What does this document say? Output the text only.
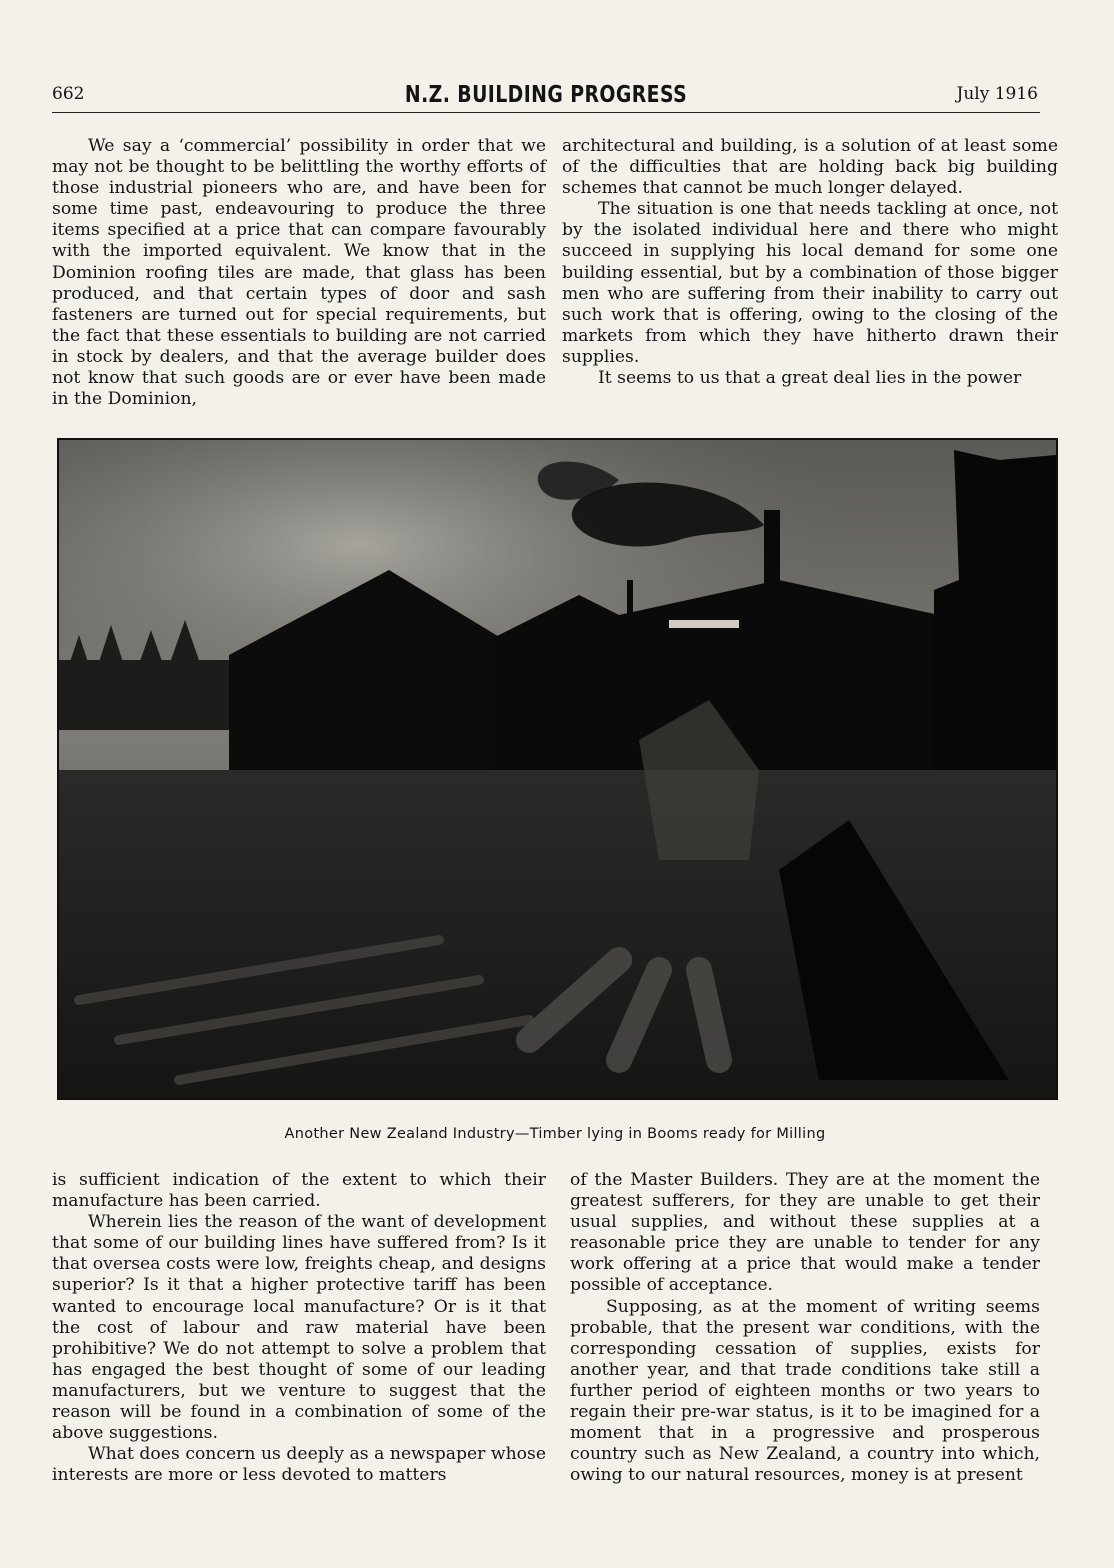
662	N.Z. BUILDING PROGRESS	July 1916

We say a ‘commercial’ possibility in order that we may not be thought to be belittling the worthy efforts of those industrial pioneers who are, and have been for some time past, endeavouring to produce the three items specified at a price that can compare favourably with the imported equivalent. We know that in the Dominion roofing tiles are made, that glass has been produced, and that certain types of door and sash fasteners are turned out for special requirements, but the fact that these essentials to building are not carried in stock by dealers, and that the average builder does not know that such goods are or ever have been made in the Dominion,

architectural and building, is a solution of at least some of the difficulties that are holding back big building schemes that cannot be much longer delayed.

The situation is one that needs tackling at once, not by the isolated individual here and there who might succeed in supplying his local demand for some one building essential, but by a combination of those bigger men who are suffering from their inability to carry out such work that is offering, owing to the closing of the markets from which they have hitherto drawn their supplies.

It seems to us that a great deal lies in the power

Another New Zealand Industry—Timber lying in Booms ready for Milling

is sufficient indication of the extent to which their manufacture has been carried.

Wherein lies the reason of the want of development that some of our building lines have suffered from? Is it that oversea costs were low, freights cheap, and designs superior? Is it that a higher protective tariff has been wanted to encourage local manufacture? Or is it that the cost of labour and raw material have been prohibitive? We do not attempt to solve a problem that has engaged the best thought of some of our leading manufacturers, but we venture to suggest that the reason will be found in a combination of some of the above suggestions.

What does concern us deeply as a newspaper whose interests are more or less devoted to matters

of the Master Builders. They are at the moment the greatest sufferers, for they are unable to get their usual supplies, and without these supplies at a reasonable price they are unable to tender for any work offering at a price that would make a tender possible of acceptance.

Supposing, as at the moment of writing seems probable, that the present war conditions, with the corresponding cessation of supplies, exists for another year, and that trade conditions take still a further period of eighteen months or two years to regain their pre-war status, is it to be imagined for a moment that in a progressive and prosperous country such as New Zealand, a country into which, owing to our natural resources, money is at present
